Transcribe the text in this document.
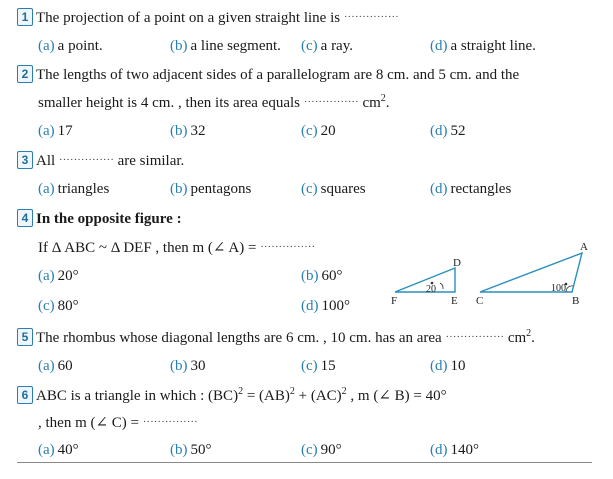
1 The projection of a point on a given straight line is ···············
(a) a point.	(b) a line segment. (c) a ray.	(d) a straight line.
2 The lengths of two adjacent sides of a parallelogram are 8 cm. and 5 cm. and the
smaller height is 4 cm. , then its area equals ··············· $cm^2$.
(a) 17	(b) 32	(c) 20	(d) 52
3 All ··············· are similar.
(a) triangles	(b) pentagons	(c) squares	(d) rectangles
4 In the opposite figure :
If Δ ABC ~ Δ DEF , then m (∠ A) = ···············
(a) 20°	(b) 60°
(c) 80°	(d) 100°	F	E
D
20
C	B
A
100
5 The rhombus whose diagonal lengths are 6 cm. , 10 cm. has an area ················ $cm^2$.
(a) 60	(b) 30	(c) 15	(d) 10
6 ABC is a triangle in which : (BC)$^2$ = (AB)$^2$ + (AC)$^2$ , m (∠ B) = 40°
, then m (∠ C) = ···············
(a) 40°	(b) 50°	(c) 90°	(d) 140°
